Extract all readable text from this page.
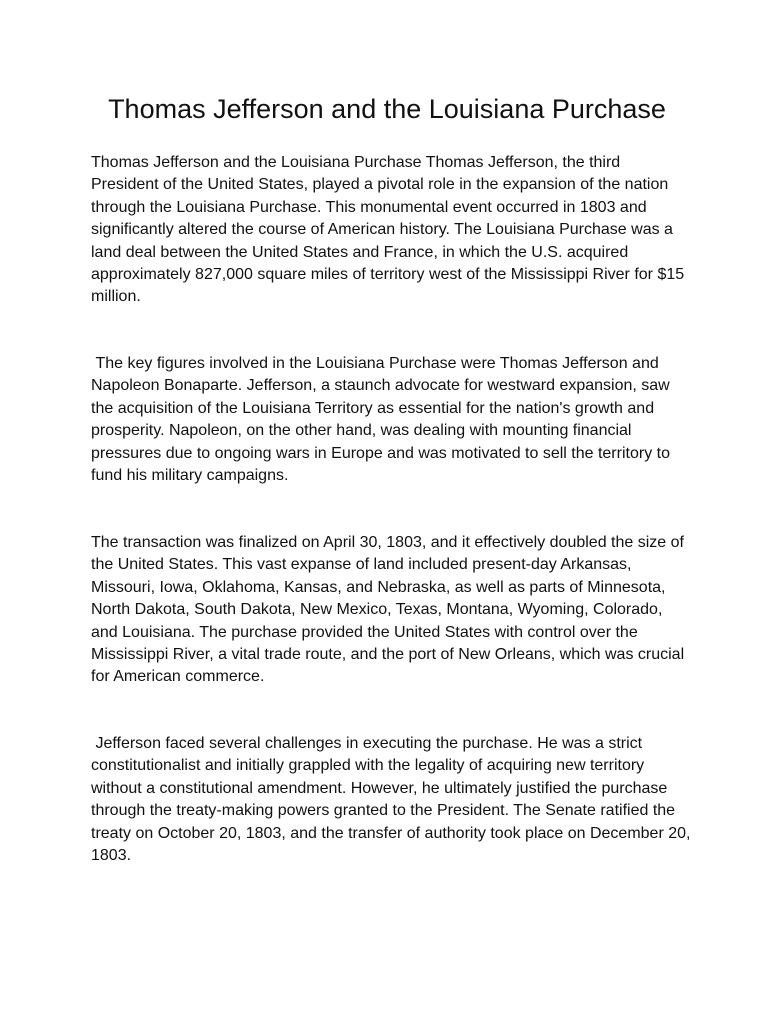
Thomas Jefferson and the Louisiana Purchase

Thomas Jefferson and the Louisiana Purchase Thomas Jefferson, the third President of the United States, played a pivotal role in the expansion of the nation through the Louisiana Purchase. This monumental event occurred in 1803 and significantly altered the course of American history. The Louisiana Purchase was a land deal between the United States and France, in which the U.S. acquired approximately 827,000 square miles of territory west of the Mississippi River for $15 million.

The key figures involved in the Louisiana Purchase were Thomas Jefferson and Napoleon Bonaparte. Jefferson, a staunch advocate for westward expansion, saw the acquisition of the Louisiana Territory as essential for the nation's growth and prosperity. Napoleon, on the other hand, was dealing with mounting financial pressures due to ongoing wars in Europe and was motivated to sell the territory to fund his military campaigns.

The transaction was finalized on April 30, 1803, and it effectively doubled the size of the United States. This vast expanse of land included present-day Arkansas, Missouri, Iowa, Oklahoma, Kansas, and Nebraska, as well as parts of Minnesota, North Dakota, South Dakota, New Mexico, Texas, Montana, Wyoming, Colorado, and Louisiana. The purchase provided the United States with control over the Mississippi River, a vital trade route, and the port of New Orleans, which was crucial for American commerce.

Jefferson faced several challenges in executing the purchase. He was a strict constitutionalist and initially grappled with the legality of acquiring new territory without a constitutional amendment. However, he ultimately justified the purchase through the treaty-making powers granted to the President. The Senate ratified the treaty on October 20, 1803, and the transfer of authority took place on December 20, 1803.
